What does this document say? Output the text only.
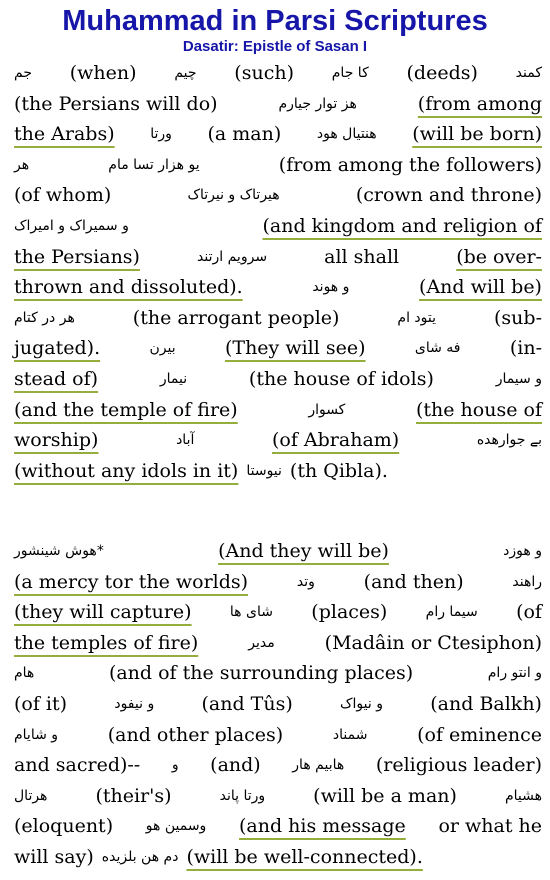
Muhammad in Parsi Scriptures
Dasatir: Epistle of Sasan I
جم (when)	چیم (such)	کا جام (deeds)	کمند
(the Persians will do)	هز توار جیارم	(from among
the Arabs)	ورتا (a man)	هنتیال هود (will be born)
هر	یو هزار تسا مام	(from among the followers)
(of whom)	هیرتاک و نیرتاک	(crown and throne)
و سمیراک و امیراک	(and kingdom and religion of
the Persians)	سرویم ارتند	all shall	(be over-
thrown and dissoluted).	و هوند	(And will be)
هر در کتام	(the arrogant people)	یتود ام	(sub-
jugated).	بیرن	(They will see)	فه شای	(in-
stead of)	نیمار	(the house of idols)	و سیمار
(and the temple of fire)	کسوار	(the house of
worship)	آباد	(of Abraham)	بے جوارهده
(without any idols in it) نیوستا (th Qibla).
*هوش شینشور	(And they will be)	و هوزد
(a mercy tor the worlds)	وتد	(and then)	راهند
(they will capture)	شای ها (places)	سیما رام (of
the temples of fire)	مدیر	(Madâin or Ctesiphon)
هام	(and of the surrounding places)	و انتو رام
(of it)	و نیفود (and Tûs)	و نیواک (and Balkh)
و شایام	(and other places)	شمناد	(of eminence
and sacred)-- و (and) هابیم هار (religious leader)
هرتال	(their's)	ورتا پاند	(will be a man)	هشیام
(eloquent) وسمین هو (and his message or what he
will say) دم هن بلزیده (will be well-connected).
